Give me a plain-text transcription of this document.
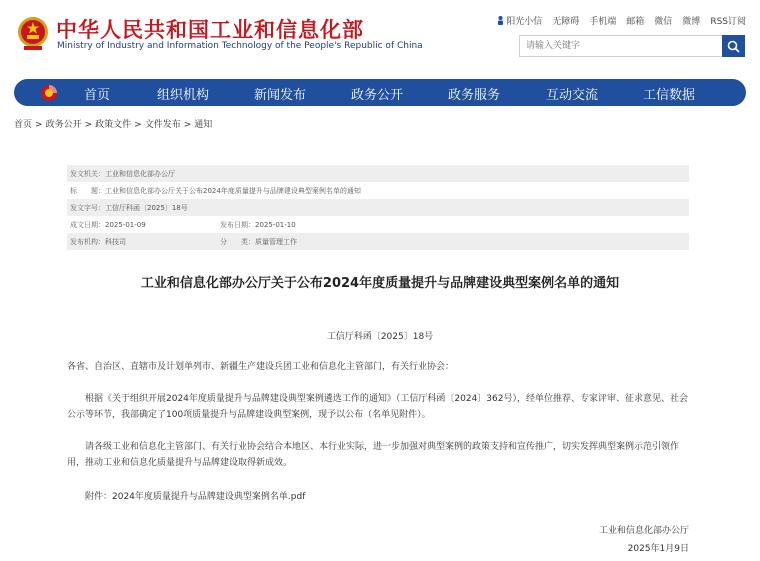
中华人民共和国工业和信息化部
Ministry of Industry and Information Technology of the People's Republic of China
阳光小信 无障碍 手机端 邮箱 微信 微博 RSS订阅
请输入关键字
首页	组织机构	新闻发布	政务公开	政务服务	互动交流	工信数据
首页 > 政务公开 > 政策文件 > 文件发布 > 通知
发文机关： 工业和信息化部办公厅
标　　题： 工业和信息化部办公厅关于公布2024年度质量提升与品牌建设典型案例名单的通知
发文字号： 工信厅科函〔2025〕18号
成文日期： 2025-01-09	发布日期： 2025-01-10
发布机构： 科技司	分　　类： 质量管理工作
工业和信息化部办公厅关于公布2024年度质量提升与品牌建设典型案例名单的通知
工信厅科函〔2025〕18号
各省、自治区、直辖市及计划单列市、新疆生产建设兵团工业和信息化主管部门，有关行业协会：
根据《关于组织开展2024年度质量提升与品牌建设典型案例遴选工作的通知》（工信厅科函〔2024〕362号），经单位推荐、专家评审、征求意见、社会公示等环节，我部确定了100项质量提升与品牌建设典型案例，现予以公布（名单见附件）。
请各级工业和信息化主管部门、有关行业协会结合本地区、本行业实际，进一步加强对典型案例的政策支持和宣传推广，切实发挥典型案例示范引领作用，推动工业和信息化质量提升与品牌建设取得新成效。
附件：2024年度质量提升与品牌建设典型案例名单.pdf
工业和信息化部办公厅
2025年1月9日
